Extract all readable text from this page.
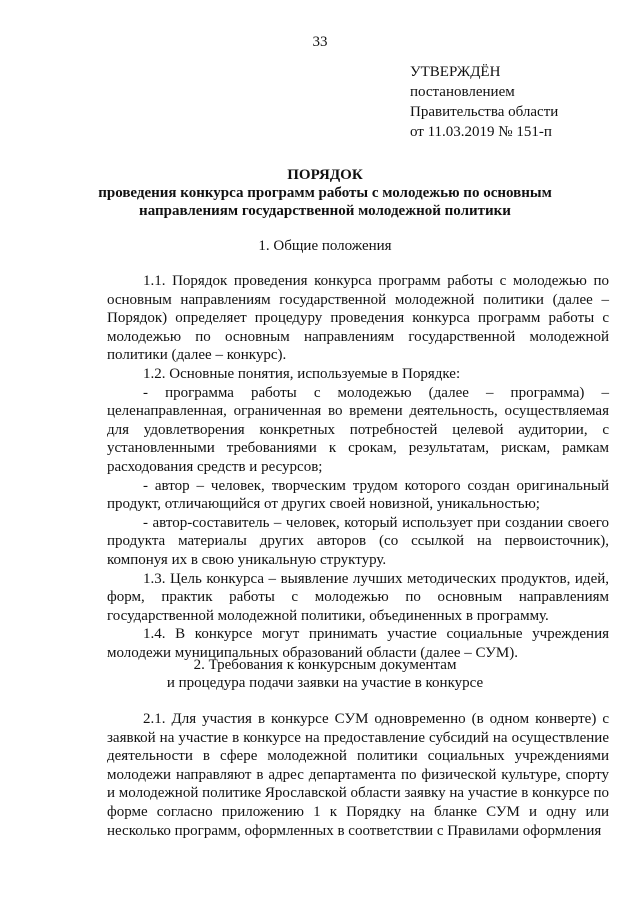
33
УТВЕРЖДЁН
постановлением
Правительства области
от 11.03.2019 № 151-п
ПОРЯДОК
проведения конкурса программ работы с молодежью по основным
направлениям государственной молодежной политики
1. Общие положения

1.1. Порядок проведения конкурса программ работы с молодежью по основным направлениям государственной молодежной политики (далее – Порядок) определяет процедуру проведения конкурса программ работы с молодежью по основным направлениям государственной молодежной политики (далее – конкурс).

1.2. Основные понятия, используемые в Порядке:

- программа работы с молодежью (далее – программа) – целенаправленная, ограниченная во времени деятельность, осуществляемая для удовлетворения конкретных потребностей целевой аудитории, с установленными требованиями к срокам, результатам, рискам, рамкам расходования средств и ресурсов;

- автор – человек, творческим трудом которого создан оригинальный продукт, отличающийся от других своей новизной, уникальностью;

- автор-составитель – человек, который использует при создании своего продукта материалы других авторов (со ссылкой на первоисточник), компонуя их в свою уникальную структуру.

1.3. Цель конкурса – выявление лучших методических продуктов, идей, форм, практик работы с молодежью по основным направлениям государственной молодежной политики, объединенных в программу.

1.4. В конкурсе могут принимать участие социальные учреждения молодежи муниципальных образований области (далее – СУМ).

2. Требования к конкурсным документам
и процедура подачи заявки на участие в конкурсе

2.1. Для участия в конкурсе СУМ одновременно (в одном конверте) с заявкой на участие в конкурсе на предоставление субсидий на осуществление деятельности в сфере молодежной политики социальных учреждениями молодежи направляют в адрес департамента по физической культуре, спорту и молодежной политике Ярославской области заявку на участие в конкурсе по форме согласно приложению 1 к Порядку на бланке СУМ и одну или несколько программ, оформленных в соответствии с Правилами оформления
